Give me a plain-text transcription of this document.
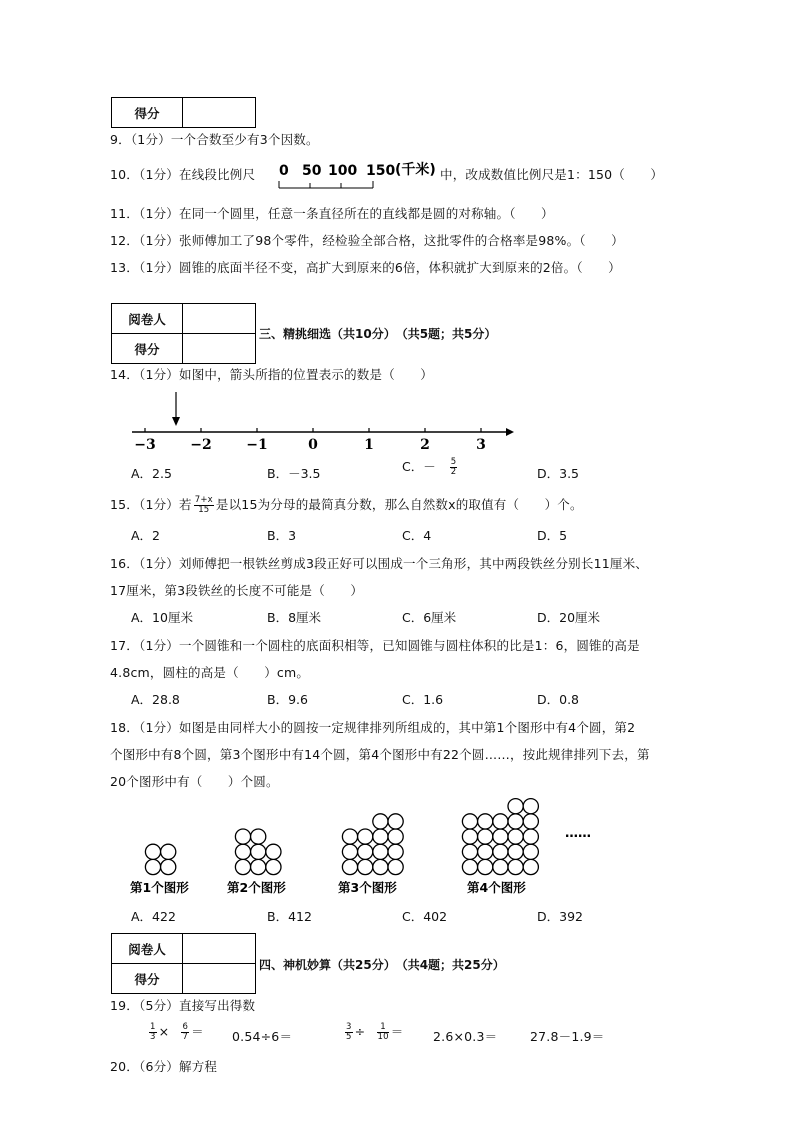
得分	
9．（1分）一个合数至少有3个因数。
10．（1分）在线段比例尺 0 50 100 150 (千米) 中，改成数值比例尺是1：150（　　）
11．（1分）在同一个圆里，任意一条直径所在的直线都是圆的对称轴。（　　）
12．（1分）张师傅加工了98个零件，经检验全部合格，这批零件的合格率是98%。（　　）
13．（1分）圆锥的底面半径不变，高扩大到原来的6倍，体积就扩大到原来的2倍。（　　）
阅卷人	
得分	
三、精挑细选（共10分）　（共5题；共5分）
14．（1分）如图中，箭头所指的位置表示的数是（　　）
−3 −2 −1	0	1	2	3
A．2.5	B．－3.5	C．－ $\frac{5}{2}$	D．3.5
15．（1分）若 $\frac{7+x}{15}$ 是以15为分母的最简真分数，那么自然数x的取值有（　　）个。
A．2	B．3	C．4	D．5
16．（1分）刘师傅把一根铁丝剪成3段正好可以围成一个三角形，其中两段铁丝分别长11厘米、
17厘米，第3段铁丝的长度不可能是（　　）
A．10厘米	B．8厘米	C．6厘米	D．20厘米
17．（1分）一个圆锥和一个圆柱的底面积相等，已知圆锥与圆柱体积的比是1：6，圆锥的高是
4.8cm，圆柱的高是（　　）cm。
A．28.8	B．9.6	C．1.6	D．0.8
18．（1分）如图是由同样大小的圆按一定规律排列所组成的，其中第1个图形中有4个圆，第2
个图形中有8个圆，第3个图形中有14个圆，第4个图形中有22个圆……，按此规律排列下去，第
20个图形中有（　　）个圆。
……
第1个图形	第2个图形	第3个图形	第4个图形
A．422	B．412	C．402	D．392
阅卷人	
得分	
四、神机妙算（共25分）　（共4题；共25分）
19．（5分）直接写出得数
$\frac{1}{3} \times \frac{6}{7} = 0.54\div 6=$	$\frac{3}{5} \div \frac{1}{10} = 2.6\times 0.3=$	27.8－1.9＝
20．（6分）解方程
